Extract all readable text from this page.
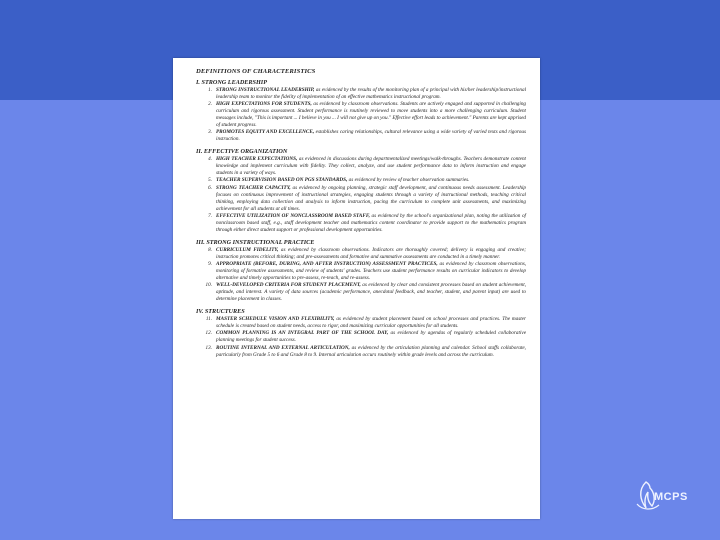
DEFINITIONS OF CHARACTERISTICS
I. STRONG LEADERSHIP
1. STRONG INSTRUCTIONAL LEADERSHIP, as evidenced by the results of the monitoring plan of a principal with his/her leadership/instructional leadership team to monitor the fidelity of implementation of an effective mathematics instructional program.
2. HIGH EXPECTATIONS FOR STUDENTS, as evidenced by classroom observations. Students are actively engaged and supported in challenging curriculum and rigorous assessment. Student performance is routinely reviewed to move students into a more challenging curriculum. Student messages include, "This is important ... I believe in you ... I will not give up on you." Effective effort leads to achievement." Parents are kept apprised of student progress.
3. PROMOTES EQUITY AND EXCELLENCE, establishes caring relationships, cultural relevance using a wide variety of varied texts and rigorous instruction.
II. EFFECTIVE ORGANIZATION
4. HIGH TEACHER EXPECTATIONS, as evidenced in discussions during departmentalized meetings/walk-throughs. Teachers demonstrate content knowledge and implement curriculum with fidelity. They collect, analyze, and use student performance data to inform instruction and engage students in a variety of ways.
5. TEACHER SUPERVISION BASED ON PGS STANDARDS, as evidenced by review of teacher observation summaries.
6. STRONG TEACHER CAPACITY, as evidenced by ongoing planning, strategic staff development, and continuous needs assessment. Leadership focuses on continuous improvement of instructional strategies, engaging students through a variety of instructional methods, teaching critical thinking, employing data collection and analysis to inform instruction, pacing the curriculum to complete unit assessments, and maximizing achievement for all students at all times.
7. EFFECTIVE UTILIZATION OF NONCLASSROOM BASED STAFF, as evidenced by the school's organizational plan, noting the utilization of nonclassroom based staff, e.g., staff development teacher and mathematics content coordinator to provide support to the mathematics program through either direct student support or professional development opportunities.
III. STRONG INSTRUCTIONAL PRACTICE
8. CURRICULUM FIDELITY, as evidenced by classroom observations. Indicators are thoroughly covered; delivery is engaging and creative; instruction promotes critical thinking; and pre-assessments and formative and summative assessments are conducted in a timely manner.
9. APPROPRIATE (BEFORE, DURING, AND AFTER INSTRUCTION) ASSESSMENT PRACTICES, as evidenced by classroom observations, monitoring of formative assessments, and review of students' grades. Teachers use student performance results on curricular indicators to develop alternative and timely opportunities to pre-assess, re-teach, and re-assess.
10. WELL-DEVELOPED CRITERIA FOR STUDENT PLACEMENT, as evidenced by clear and consistent processes based on student achievement, aptitude, and interest. A variety of data sources (academic performance, anecdotal feedback, and teacher, student, and parent input) are used to determine placement in classes.
IV. STRUCTURES
11. MASTER SCHEDULE VISION AND FLEXIBILITY, as evidenced by student placement based on school processes and practices. The master schedule is created based on student needs, access to rigor, and maximizing curricular opportunities for all students.
12. COMMON PLANNING IS AN INTEGRAL PART OF THE SCHOOL DAY, as evidenced by agendas of regularly scheduled collaborative planning meetings for student success.
13. ROUTINE INTERNAL AND EXTERNAL ARTICULATION, as evidenced by the articulation planning and calendar. School staffs collaborate, particularly from Grade 5 to 6 and Grade 8 to 9. Internal articulation occurs routinely within grade levels and across the curriculum.
MCPS
